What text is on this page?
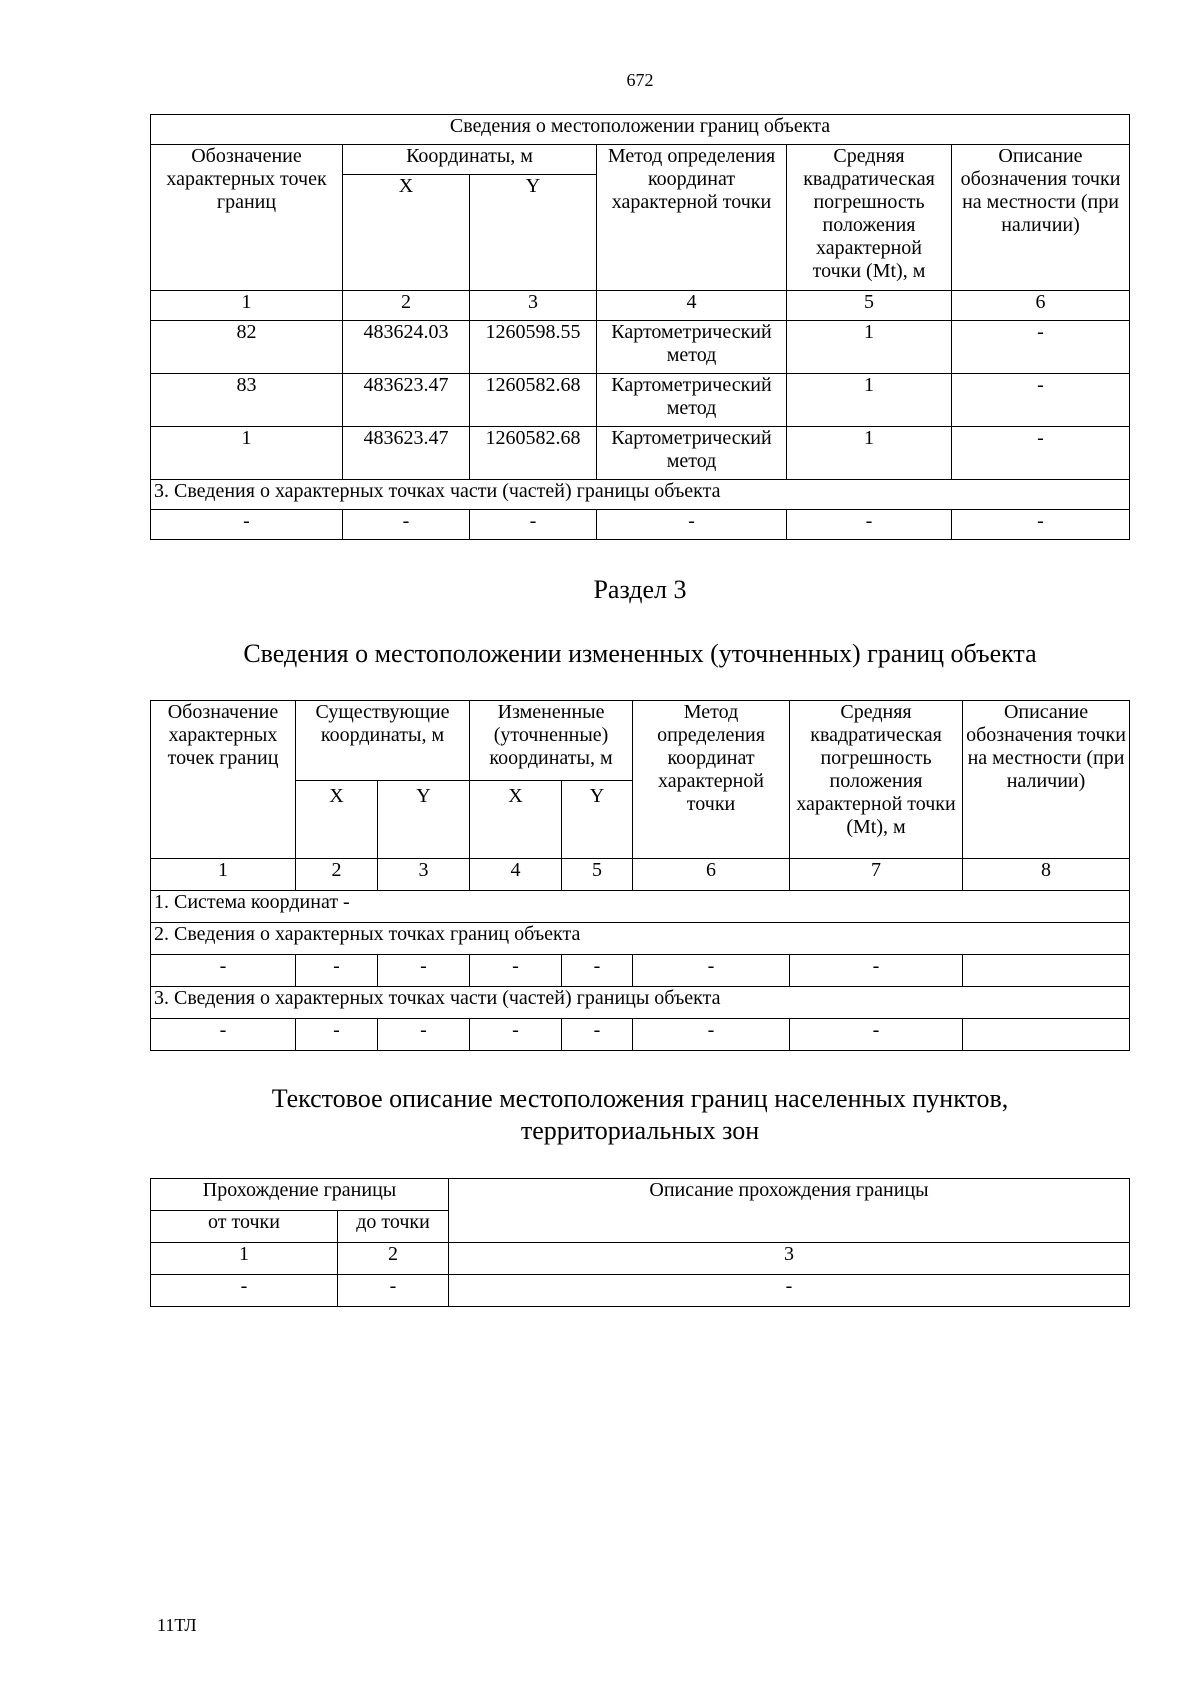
672
Сведения о местоположении границ объекта					
Обозначение характерных точек границ	Координаты, м		Метод определения координат характерной точки	Средняя квадратическая погрешность положения характерной точки (Mt), м	Описание обозначения точки на местности (при наличии)
	X	Y			
1	2	3	4	5	6
82	483624.03	1260598.55	Картометрический метод	1	-
83	483623.47	1260582.68	Картометрический метод	1	-
1	483623.47	1260582.68	Картометрический метод	1	-
3. Сведения о характерных точках части (частей) границы объекта					
-	-	-	-	-	-
Раздел 3
Сведения о местоположении измененных (уточненных) границ объекта
Обозначение характерных точек границ	Существующие координаты, м		Измененные (уточненные) координаты, м		Метод определения координат характерной точки	Средняя квадратическая погрешность положения характерной точки (Mt), м	Описание обозначения точки на местности (при наличии)
	X	Y	X	Y			
1	2	3	4	5	6	7	8
1. Система координат -							
2. Сведения о характерных точках границ объекта							
-	-	-	-	-	-	-	
3. Сведения о характерных точках части (частей) границы объекта							
-	-	-	-	-	-	-	
Текстовое описание местоположения границ населенных пунктов,
территориальных зон
Прохождение границы		Описание прохождения границы
от точки	до точки	
1	2	3
-	-	-
11ТЛ
